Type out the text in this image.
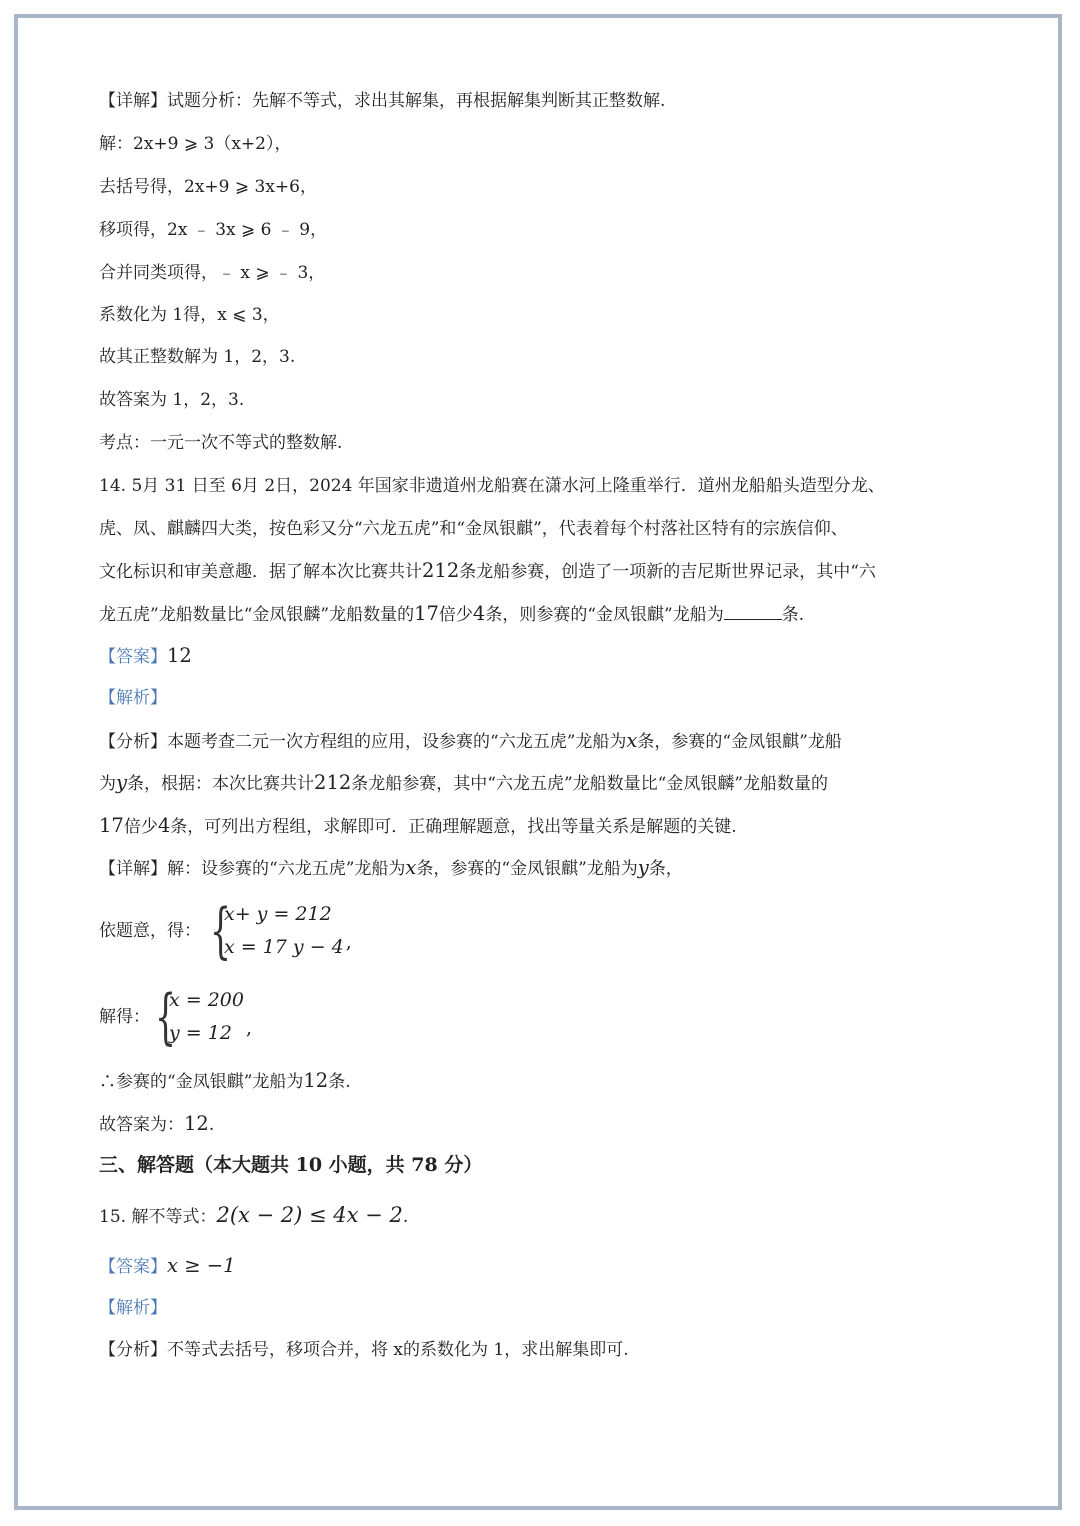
【详解】试题分析：先解不等式，求出其解集，再根据解集判断其正整数解.
解：2x+9 ⩾ 3（x+2），
去括号得，2x+9 ⩾ 3x+6，
移项得，2x ﹣ 3x ⩾ 6 ﹣ 9，
合并同类项得，﹣ x ⩾ ﹣ 3，
系数化为 1得，x ⩽ 3，
故其正整数解为 1，2，3.
故答案为 1，2，3.
考点：一元一次不等式的整数解.
14. 5月 31 日至 6月 2日，2024 年国家非遗道州龙船赛在潇水河上隆重举行．道州龙船船头造型分龙、
虎、凤、麒麟四大类，按色彩又分“六龙五虎”和“金凤银麒”，代表着每个村落社区特有的宗族信仰、
文化标识和审美意趣．据了解本次比赛共计212条龙船参赛，创造了一项新的吉尼斯世界记录，其中“六
龙五虎”龙船数量比“金凤银麟”龙船数量的17倍少4条，则参赛的“金凤银麒”龙船为	条.
【答案】12
【解析】
【分析】本题考查二元一次方程组的应用，设参赛的“六龙五虎”龙船为x条，参赛的“金凤银麒”龙船
为y条，根据：本次比赛共计212条龙船参赛，其中“六龙五虎”龙船数量比“金凤银麟”龙船数量的
17倍少4条，可列出方程组，求解即可．正确理解题意，找出等量关系是解题的关键.
【详解】解：设参赛的“六龙五虎”龙船为x条，参赛的“金凤银麒”龙船为y条，
依题意，得： {
x+ y = 212
x = 17 y − 4 ,
解得： {
x = 200
y = 12 ,
∴参赛的“金凤银麒”龙船为12条.
故答案为：12.
三、解答题（本大题共 10 小题，共 78 分）
15. 解不等式：2(x − 2) ≤ 4x − 2.
【答案】x ≥ −1
【解析】
【分析】不等式去括号，移项合并，将 x的系数化为 1，求出解集即可.
